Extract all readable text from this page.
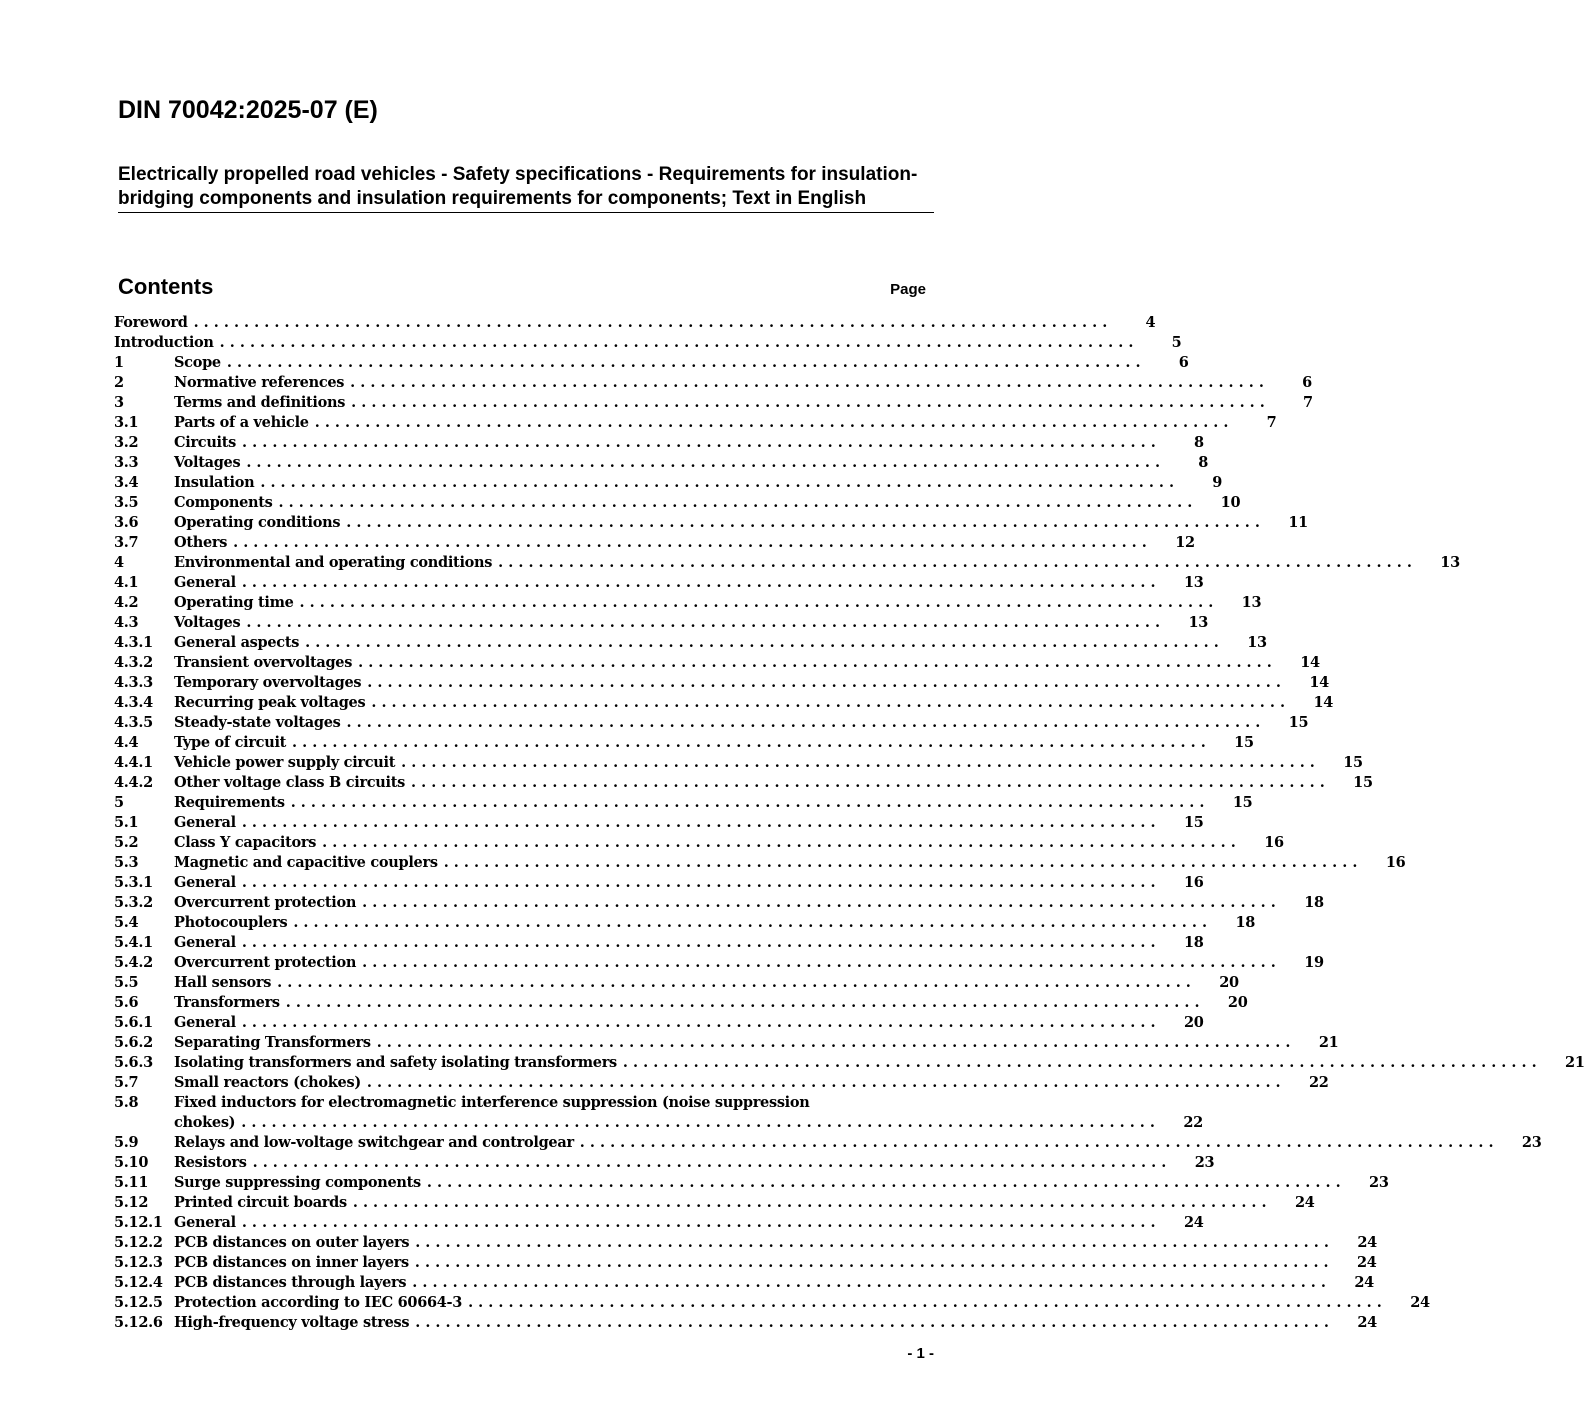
DIN 70042:2025-07 (E)
Electrically propelled road vehicles - Safety specifications - Requirements for insulation-bridging components and insulation requirements for components; Text in English
Contents	Page
Foreword . . .	4
Introduction . . .	5
1	Scope . . .	6
2	Normative references . . .	6
3	Terms and definitions . . .	7
3.1	Parts of a vehicle . . .	7
3.2	Circuits . . .	8
3.3	Voltages . . .	8
3.4	Insulation . . .	9
3.5	Components . . .	10
3.6	Operating conditions . . .	11
3.7	Others . . .	12
4	Environmental and operating conditions . . .	13
4.1	General . . .	13
4.2	Operating time . . .	13
4.3	Voltages . . .	13
4.3.1	General aspects . . .	13
4.3.2	Transient overvoltages . . .	14
4.3.3	Temporary overvoltages . . .	14
4.3.4	Recurring peak voltages . . .	14
4.3.5	Steady-state voltages . . .	15
4.4	Type of circuit . . .	15
4.4.1	Vehicle power supply circuit . . .	15
4.4.2	Other voltage class B circuits . . .	15
5	Requirements . . .	15
5.1	General . . .	15
5.2	Class Y capacitors . . .	16
5.3	Magnetic and capacitive couplers . . .	16
5.3.1	General . . .	16
5.3.2	Overcurrent protection . . .	18
5.4	Photocouplers . . .	18
5.4.1	General . . .	18
5.4.2	Overcurrent protection . . .	19
5.5	Hall sensors . . .	20
5.6	Transformers . . .	20
5.6.1	General . . .	20
5.6.2	Separating Transformers . . .	21
5.6.3	Isolating transformers and safety isolating transformers . . .	21
5.7	Small reactors (chokes) . . .	22
5.8	Fixed inductors for electromagnetic interference suppression (noise suppression
chokes) . . .	22
5.9	Relays and low-voltage switchgear and controlgear . . .	23
5.10	Resistors . . .	23
5.11	Surge suppressing components . . .	23
5.12	Printed circuit boards . . .	24
5.12.1 General . . .	24
5.12.2 PCB distances on outer layers . . .	24
5.12.3 PCB distances on inner layers . . .	24
5.12.4 PCB distances through layers . . .	24
5.12.5 Protection according to IEC 60664-3 . . .	24
5.12.6 High-frequency voltage stress . . .	24
- 1 -
